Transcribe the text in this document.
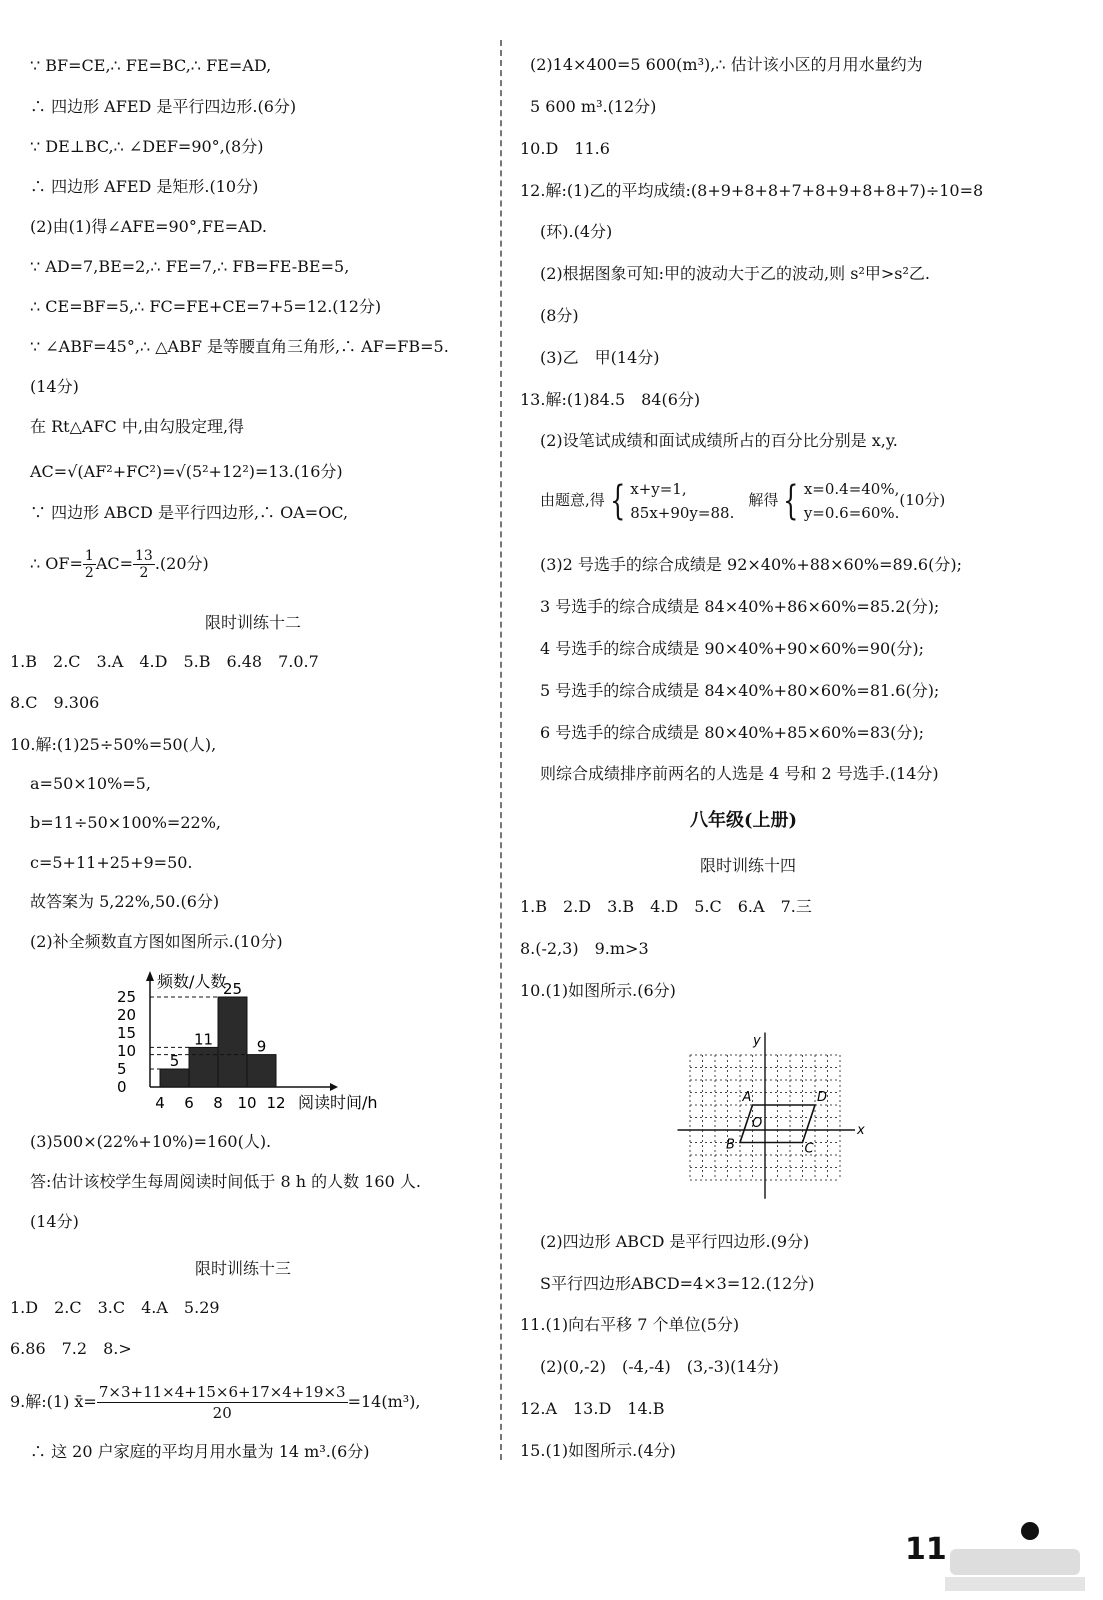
∵ BF=CE,∴ FE=BC,∴ FE=AD,
∴ 四边形 AFED 是平行四边形.(6分)
∵ DE⊥BC,∴ ∠DEF=90°,(8分)
∴ 四边形 AFED 是矩形.(10分)
(2)由(1)得∠AFE=90°,FE=AD.
∵ AD=7,BE=2,∴ FE=7,∴ FB=FE-BE=5,
∴ CE=BF=5,∴ FC=FE+CE=7+5=12.(12分)
∵ ∠ABF=45°,∴ △ABF 是等腰直角三角形,∴ AF=FB=5.
(14分)
在 Rt△AFC 中,由勾股定理,得
AC=√(AF²+FC²)=√(5²+12²)=13.(16分)
∵ 四边形 ABCD 是平行四边形,∴ OA=OC,
1.B　2.C　3.A　4.D　5.B　6.48　7.0.7
8.C　9.306
10.解:(1)25÷50%=50(人),
a=50×10%=5,
b=11÷50×100%=22%,
c=5+11+25+9=50.
故答案为 5,22%,50.(6分)
(2)补全频数直方图如图所示.(10分)
(3)500×(22%+10%)=160(人).
答:估计该校学生每周阅读时间低于 8 h 的人数 160 人.
(14分)
1.D　2.C　3.C　4.A　5.29
6.86　7.2　8.>
∴ 这 20 户家庭的平均月用水量为 14 m³.(6分)
∴ $OF= \frac{1}{2} AC= \frac{13}{2} .(20$分)
限时训练十二
限时训练十三
9.解:(1) x̄= $\frac{7\times 3+11\times 4+15\times 6+17\times 4+19\times 3}{20} =14(m^3)$,
0
5
10
15
20
25
5
11
25
9
4 6 8 10 12
频数/人数
阅读时间/h
(2)14×400=5 600(m³),∴ 估计该小区的月用水量约为
5 600 m³.(12分)
10.D　11.6
12.解:(1)乙的平均成绩:(8+9+8+8+7+8+9+8+8+7)÷10=8
(环).(4分)
(2)根据图象可知:甲的波动大于乙的波动,则 s²甲>s²乙.
(8分)
(3)乙　甲(14分)
13.解:(1)84.5　84(6分)
(2)设笔试成绩和面试成绩所占的百分比分别是 x,y.
(3)2 号选手的综合成绩是 92×40%+88×60%=89.6(分);
3 号选手的综合成绩是 84×40%+86×60%=85.2(分);
4 号选手的综合成绩是 90×40%+90×60%=90(分);
5 号选手的综合成绩是 84×40%+80×60%=81.6(分);
6 号选手的综合成绩是 80×40%+85×60%=83(分);
则综合成绩排序前两名的人选是 4 号和 2 号选手.(14分)
1.B　2.D　3.B　4.D　5.C　6.A　7.三
8.(-2,3)　9.m>3
10.(1)如图所示.(6分)
(2)四边形 ABCD 是平行四边形.(9分)
S平行四边形ABCD=4×3=12.(12分)
11.(1)向右平移 7 个单位(5分)
(2)(0,-2)　(-4,-4)　(3,-3)(14分)
12.A　13.D　14.B
15.(1)如图所示.(4分)
由题意,得 { x+y=1,
85x+90y=88.
解得 { x=0.4=40%,
y=0.6=60%.
(10分)
八年级(上册)
限时训练十四
x
y
A	D
B	C
O
11
